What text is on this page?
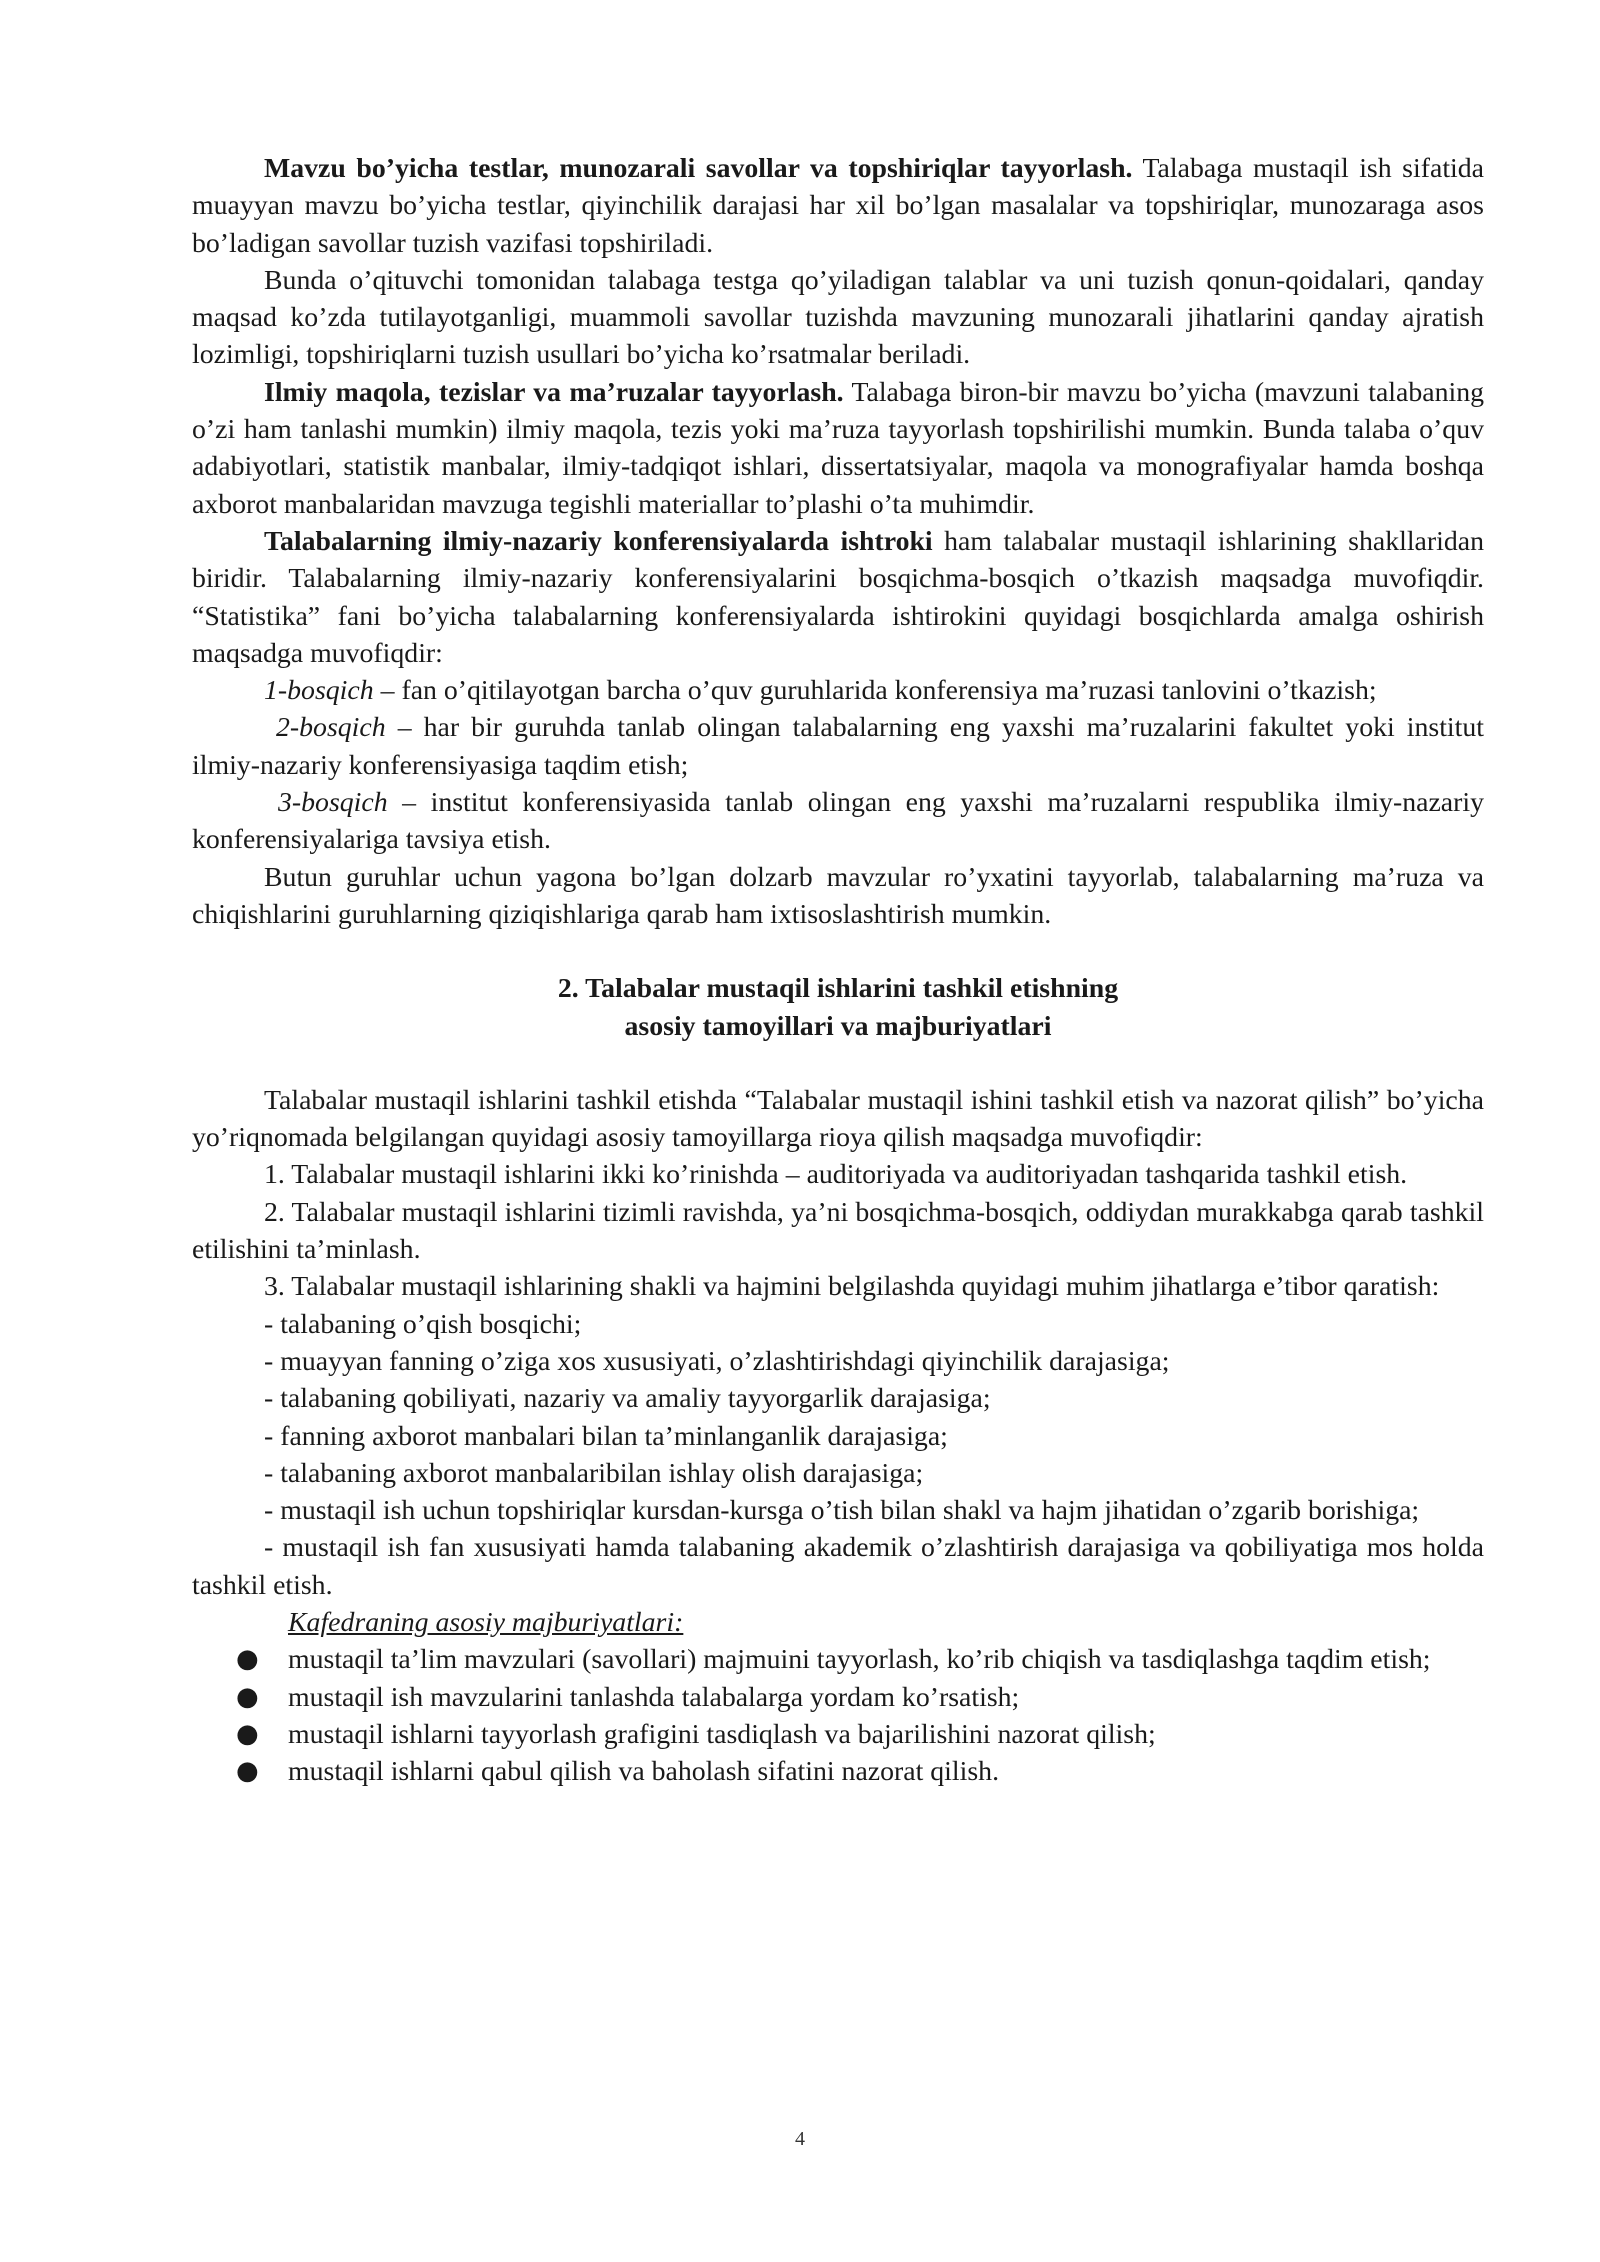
Mavzu bo’yicha testlar, munozarali savollar va topshiriqlar tayyorlash. Talabaga mustaqil ish sifatida muayyan mavzu bo’yicha testlar, qiyinchilik darajasi har xil bo’lgan masalalar va topshiriqlar, munozaraga asos bo’ladigan savollar tuzish vazifasi topshiriladi.

Bunda o’qituvchi tomonidan talabaga testga qo’yiladigan talablar va uni tuzish qonun-qoidalari, qanday maqsad ko’zda tutilayotganligi, muammoli savollar tuzishda mavzuning munozarali jihatlarini qanday ajratish lozimligi, topshiriqlarni tuzish usullari bo’yicha ko’rsatmalar beriladi.

Ilmiy maqola, tezislar va ma’ruzalar tayyorlash. Talabaga biron-bir mavzu bo’yicha (mavzuni talabaning o’zi ham tanlashi mumkin) ilmiy maqola, tezis yoki ma’ruza tayyorlash topshirilishi mumkin. Bunda talaba o’quv adabiyotlari, statistik manbalar, ilmiy-tadqiqot ishlari, dissertatsiyalar, maqola va monografiyalar hamda boshqa axborot manbalaridan mavzuga tegishli materiallar to’plashi o’ta muhimdir.

Talabalarning ilmiy-nazariy konferensiyalarda ishtroki ham talabalar mustaqil ishlarining shakllaridan biridir. Talabalarning ilmiy-nazariy konferensiyalarini bosqichma-bosqich o’tkazish maqsadga muvofiqdir. “Statistika” fani bo’yicha talabalarning konferensiyalarda ishtirokini quyidagi bosqichlarda amalga oshirish maqsadga muvofiqdir:

1-bosqich – fan o’qitilayotgan barcha o’quv guruhlarida konferensiya ma’ruzasi tanlovini o’tkazish;

2-bosqich – har bir guruhda tanlab olingan talabalarning eng yaxshi ma’ruzalarini fakultet yoki institut ilmiy-nazariy konferensiyasiga taqdim etish;

3-bosqich – institut konferensiyasida tanlab olingan eng yaxshi ma’ruzalarni respublika ilmiy-nazariy konferensiyalariga tavsiya etish.

Butun guruhlar uchun yagona bo’lgan dolzarb mavzular ro’yxatini tayyorlab, talabalarning ma’ruza va chiqishlarini guruhlarning qiziqishlariga qarab ham ixtisoslashtirish mumkin.

2. Talabalar mustaqil ishlarini tashkil etishning
asosiy tamoyillari va majburiyatlari

Talabalar mustaqil ishlarini tashkil etishda “Talabalar mustaqil ishini tashkil etish va nazorat qilish” bo’yicha yo’riqnomada belgilangan quyidagi asosiy tamoyillarga rioya qilish maqsadga muvofiqdir:

1. Talabalar mustaqil ishlarini ikki ko’rinishda – auditoriyada va auditoriyadan tashqarida tashkil etish.

2. Talabalar mustaqil ishlarini tizimli ravishda, ya’ni bosqichma-bosqich, oddiydan murakkabga qarab tashkil etilishini ta’minlash.

3. Talabalar mustaqil ishlarining shakli va hajmini belgilashda quyidagi muhim jihatlarga e’tibor qaratish:

- talabaning o’qish bosqichi;

- muayyan fanning o’ziga xos xususiyati, o’zlashtirishdagi qiyinchilik darajasiga;

- talabaning qobiliyati, nazariy va amaliy tayyorgarlik darajasiga;

- fanning axborot manbalari bilan ta’minlanganlik darajasiga;

- talabaning axborot manbalaribilan ishlay olish darajasiga;

- mustaqil ish uchun topshiriqlar kursdan-kursga o’tish bilan shakl va hajm jihatidan o’zgarib borishiga;

- mustaqil ish fan xususiyati hamda talabaning akademik o’zlashtirish darajasiga va qobiliyatiga mos holda tashkil etish.

Kafedraning asosiy majburiyatlari:

● mustaqil ta’lim mavzulari (savollari) majmuini tayyorlash, ko’rib chiqish va tasdiqlashga taqdim etish;

● mustaqil ish mavzularini tanlashda talabalarga yordam ko’rsatish;

● mustaqil ishlarni tayyorlash grafigini tasdiqlash va bajarilishini nazorat qilish;

● mustaqil ishlarni qabul qilish va baholash sifatini nazorat qilish.

4
